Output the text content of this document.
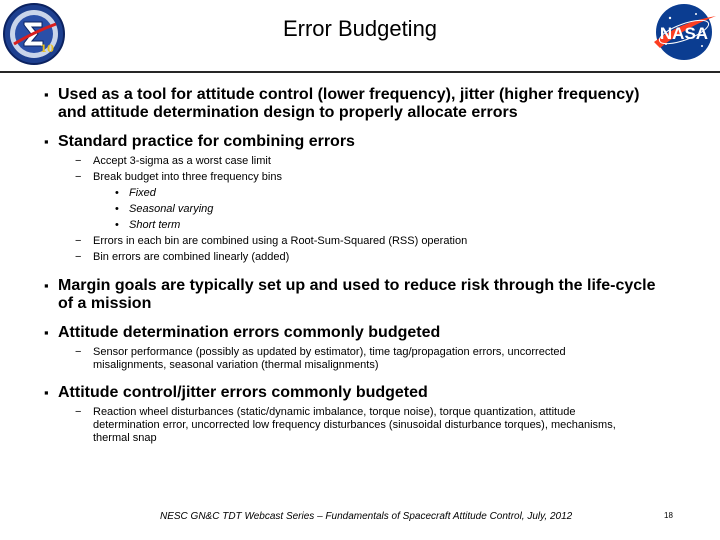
10
NASA
Error Budgeting

▪ Used as a tool for attitude control (lower frequency), jitter (higher frequency) and attitude determination design to properly allocate errors

▪ Standard practice for combining errors

− Accept 3-sigma as a worst case limit

− Break budget into three frequency bins

• Fixed

• Seasonal varying

• Short term

− Errors in each bin are combined using a Root-Sum-Squared (RSS) operation

− Bin errors are combined linearly (added)

▪ Margin goals are typically set up and used to reduce risk through the life-cycle of a mission

▪ Attitude determination errors commonly budgeted

− Sensor performance (possibly as updated by estimator), time tag/propagation errors, uncorrected misalignments, seasonal variation (thermal misalignments)

▪ Attitude control/jitter errors commonly budgeted

− Reaction wheel disturbances (static/dynamic imbalance, torque noise), torque quantization, attitude determination error, uncorrected low frequency disturbances (sinusoidal disturbance torques), mechanisms, thermal snap

NESC GN&C TDT Webcast Series – Fundamentals of Spacecraft Attitude Control, July, 2012	18
